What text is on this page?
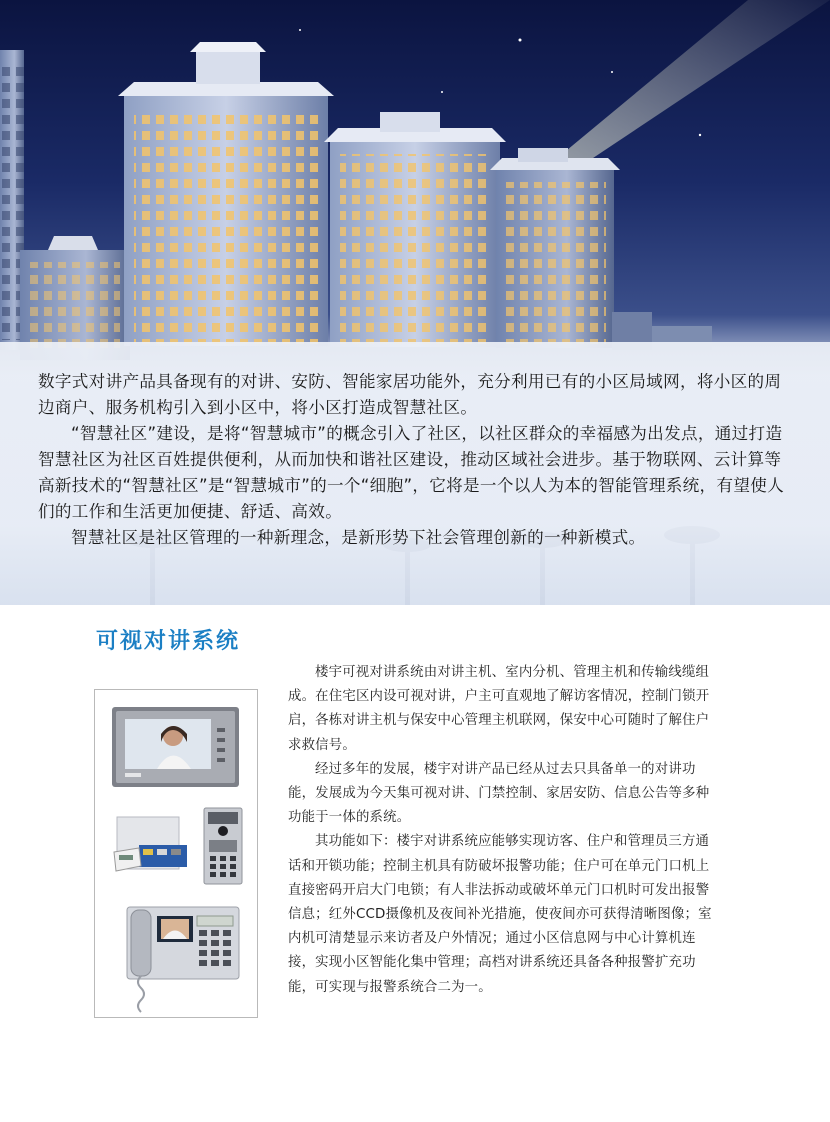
数字式对讲产品具备现有的对讲、安防、智能家居功能外，充分利用已有的小区局域网，将小区的周边商户、服务机构引入到小区中，将小区打造成智慧社区。

“智慧社区”建设，是将“智慧城市”的概念引入了社区，以社区群众的幸福感为出发点，通过打造智慧社区为社区百姓提供便利，从而加快和谐社区建设，推动区域社会进步。基于物联网、云计算等高新技术的“智慧社区”是“智慧城市”的一个“细胞”，它将是一个以人为本的智能管理系统，有望使人们的工作和生活更加便捷、舒适、高效。

智慧社区是社区管理的一种新理念，是新形势下社会管理创新的一种新模式。

可视对讲系统

楼宇可视对讲系统由对讲主机、室内分机、管理主机和传输线缆组成。在住宅区内设可视对讲，户主可直观地了解访客情况，控制门锁开启，各栋对讲主机与保安中心管理主机联网，保安中心可随时了解住户求救信号。

经过多年的发展，楼宇对讲产品已经从过去只具备单一的对讲功能，发展成为今天集可视对讲、门禁控制、家居安防、信息公告等多种功能于一体的系统。

其功能如下：楼宇对讲系统应能够实现访客、住户和管理员三方通话和开锁功能；控制主机具有防破坏报警功能；住户可在单元门口机上直接密码开启大门电锁；有人非法拆动或破坏单元门口机时可发出报警信息；红外CCD摄像机及夜间补光措施，使夜间亦可获得清晰图像；室内机可清楚显示来访者及户外情况；通过小区信息网与中心计算机连接，实现小区智能化集中管理；高档对讲系统还具备各种报警扩充功能，可实现与报警系统合二为一。
